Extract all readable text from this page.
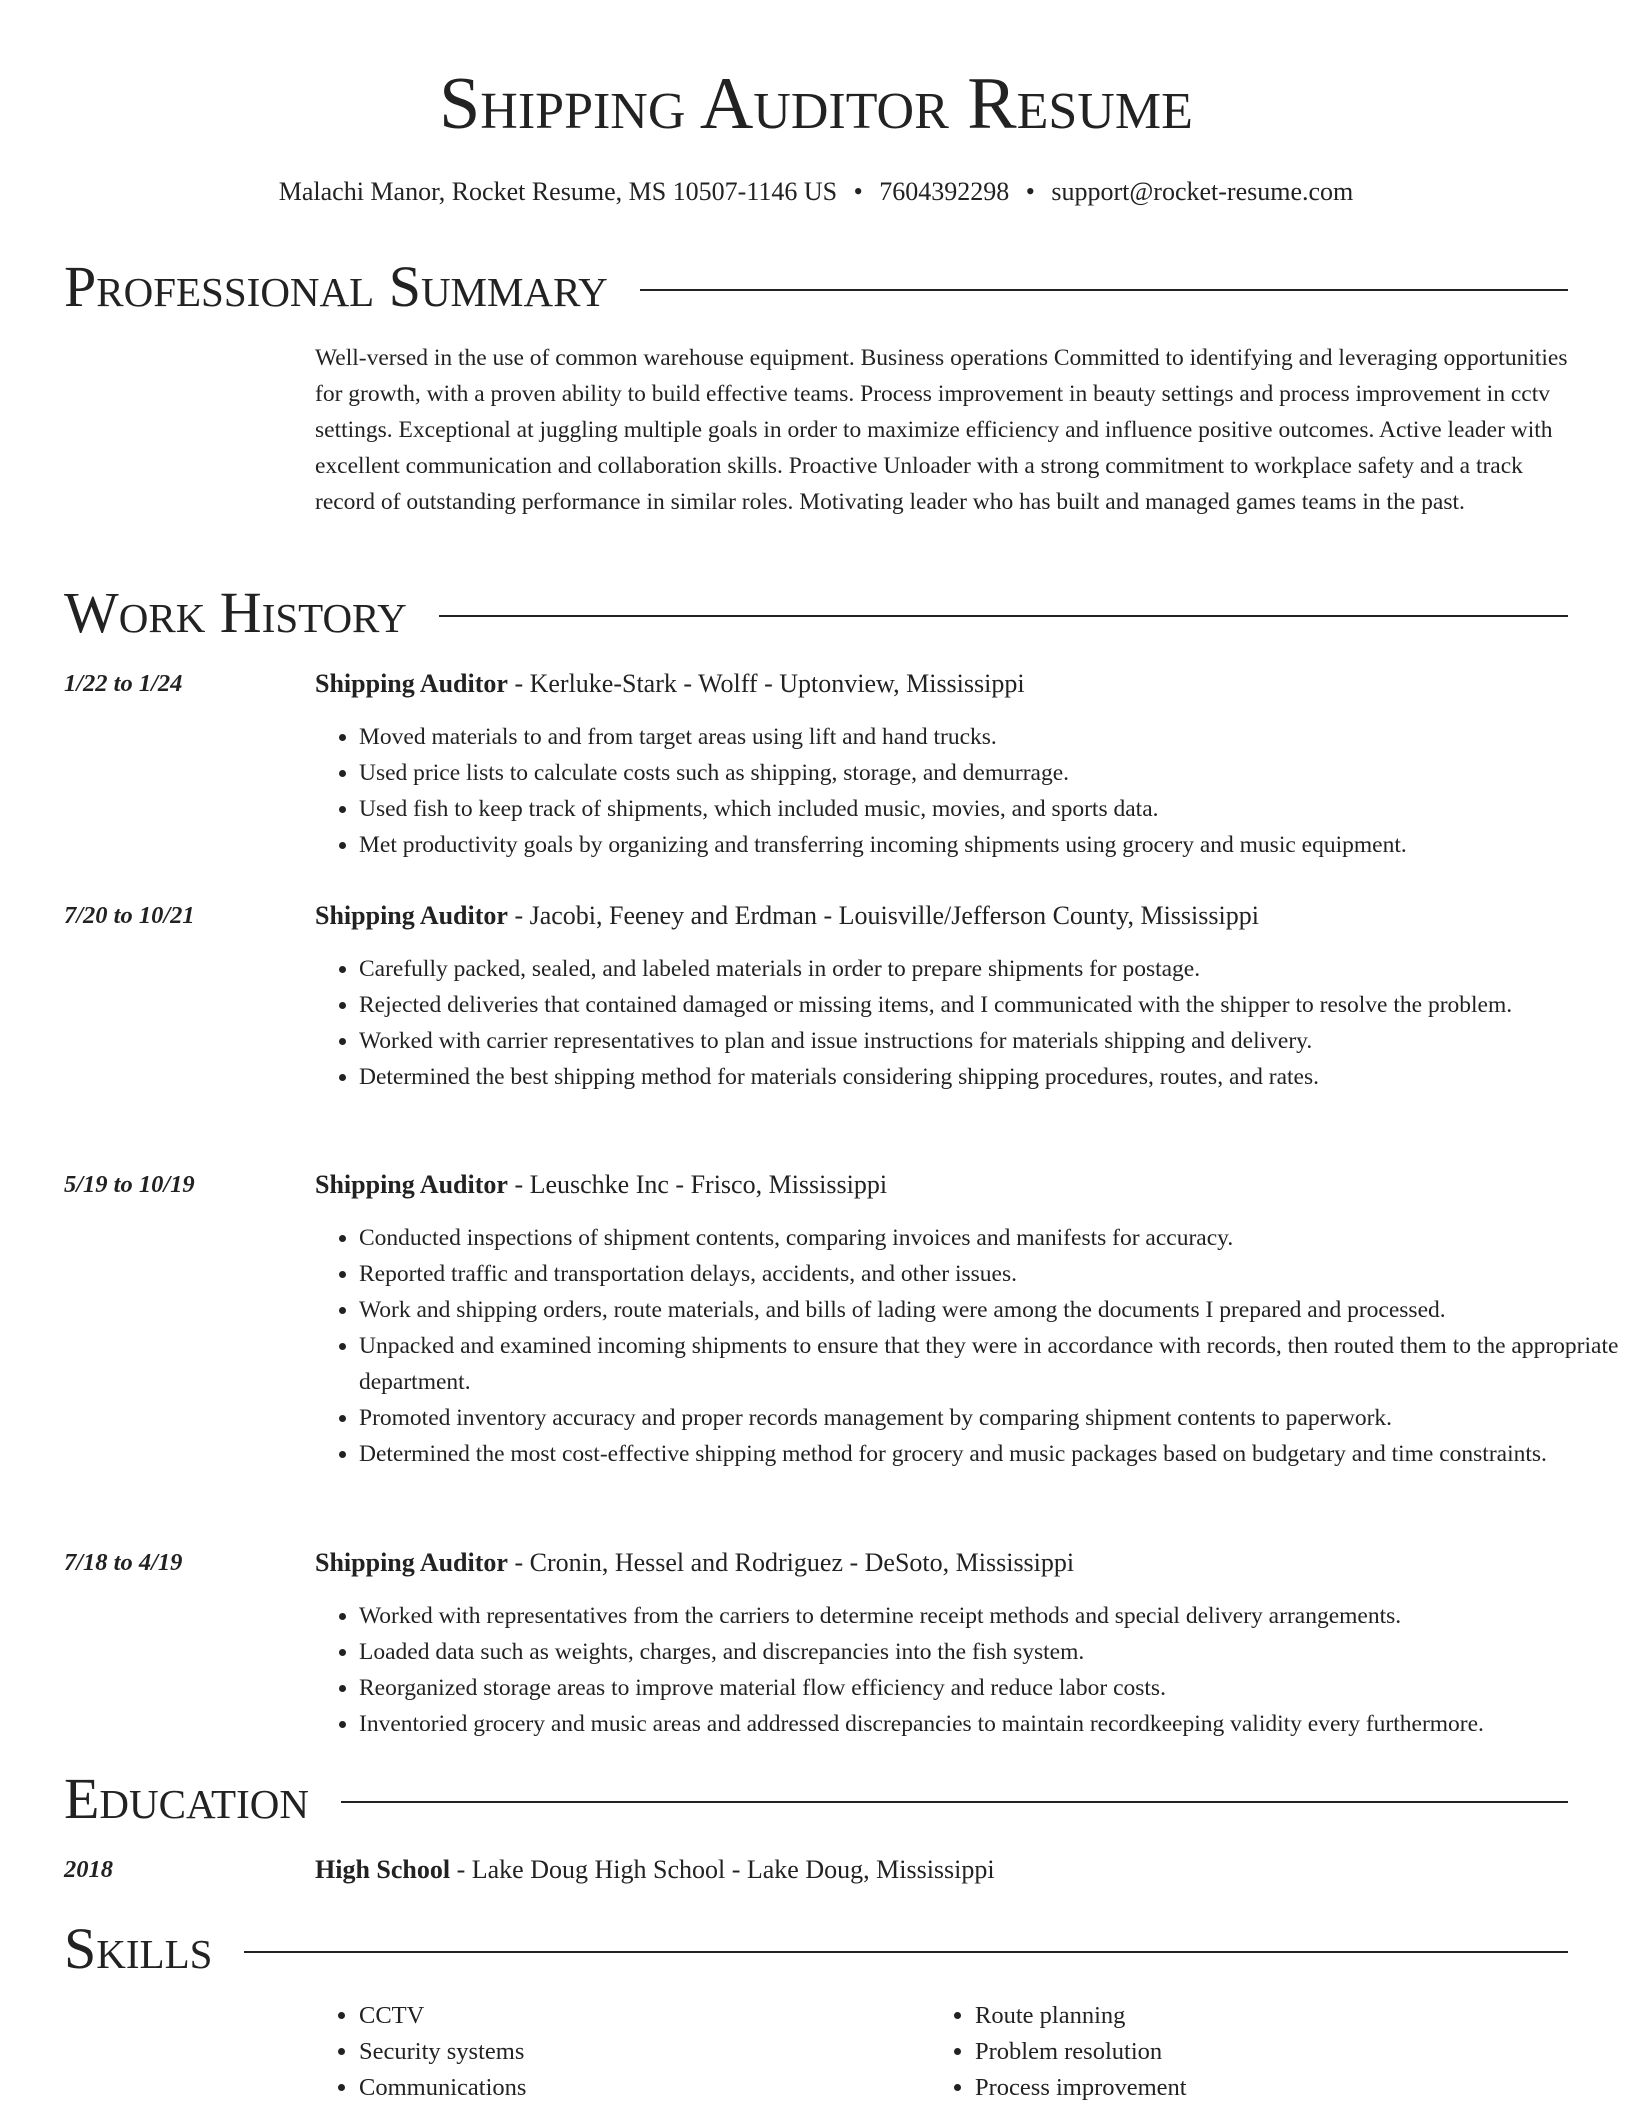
Shipping Auditor Resume
Malachi Manor, Rocket Resume, MS 10507-1146 US • 7604392298 • support@rocket-resume.com
Professional Summary

Well-versed in the use of common warehouse equipment. Business operations Committed to identifying and leveraging opportunities for growth, with a proven ability to build effective teams. Process improvement in beauty settings and process improvement in cctv settings. Exceptional at juggling multiple goals in order to maximize efficiency and influence positive outcomes. Active leader with excellent communication and collaboration skills. Proactive Unloader with a strong commitment to workplace safety and a track record of outstanding performance in similar roles. Motivating leader who has built and managed games teams in the past.

Work History
1/22 to 1/24	Shipping Auditor - Kerluke-Stark - Wolff - Uptonview, Mississippi
• Moved materials to and from target areas using lift and hand trucks.
• Used price lists to calculate costs such as shipping, storage, and demurrage.
• Used fish to keep track of shipments, which included music, movies, and sports data.
• Met productivity goals by organizing and transferring incoming shipments using grocery and music equipment.
7/20 to 10/21	Shipping Auditor - Jacobi, Feeney and Erdman - Louisville/Jefferson County, Mississippi
• Carefully packed, sealed, and labeled materials in order to prepare shipments for postage.
• Rejected deliveries that contained damaged or missing items, and I communicated with the shipper to resolve the problem.
• Worked with carrier representatives to plan and issue instructions for materials shipping and delivery.
• Determined the best shipping method for materials considering shipping procedures, routes, and rates.
5/19 to 10/19	Shipping Auditor - Leuschke Inc - Frisco, Mississippi
• Conducted inspections of shipment contents, comparing invoices and manifests for accuracy.
• Reported traffic and transportation delays, accidents, and other issues.
• Work and shipping orders, route materials, and bills of lading were among the documents I prepared and processed.
• Unpacked and examined incoming shipments to ensure that they were in accordance with records, then routed them to the appropriate department.
• Promoted inventory accuracy and proper records management by comparing shipment contents to paperwork.
• Determined the most cost-effective shipping method for grocery and music packages based on budgetary and time constraints.
7/18 to 4/19	Shipping Auditor - Cronin, Hessel and Rodriguez - DeSoto, Mississippi
• Worked with representatives from the carriers to determine receipt methods and special delivery arrangements.
• Loaded data such as weights, charges, and discrepancies into the fish system.
• Reorganized storage areas to improve material flow efficiency and reduce labor costs.
• Inventoried grocery and music areas and addressed discrepancies to maintain recordkeeping validity every furthermore.
Education
2018	High School - Lake Doug High School - Lake Doug, Mississippi
Skills
• CCTV
• Security systems
• Communications
• Route planning
• Problem resolution
• Process improvement
